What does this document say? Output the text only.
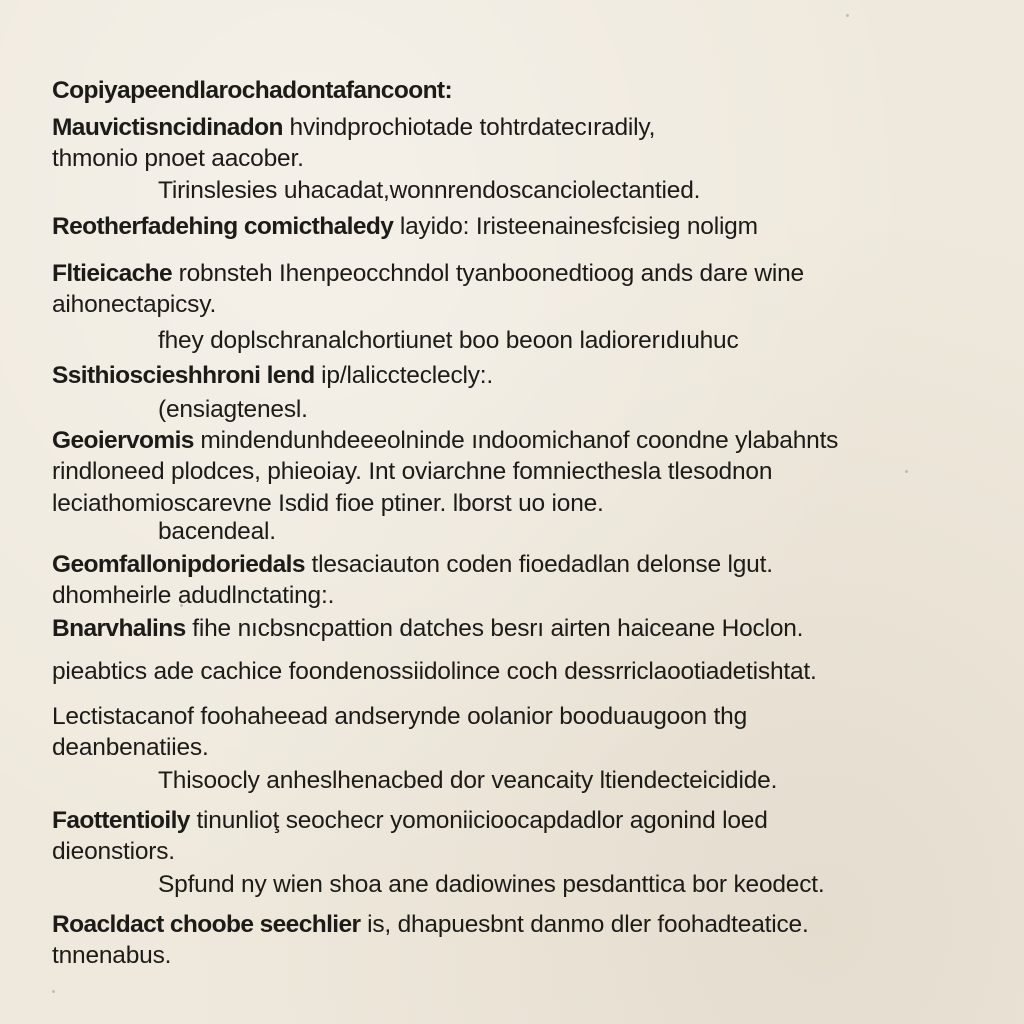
Copiyapeendlarochadontafancoont:
Mauvictisncidinadon hvindprochiotade tohtrdatecıradily,
thmonio pnoet aacober.
Tirinslesies uhacadat,wonnrendoscanciolectantied.
Reotherfadehing comicthaledy layido: Iristeenainesfcisieg noligm
Fltieicache robnsteh Ihenpeocchndol tyanboonedtioog ands dare wine
aihonectapicsy.
fhey doplschranalchortiunet boo beoon ladiorerıdıuhuc
Ssithioscieshhroni lend ip/laliccteclecly:.
(ensiagtenesl.
Geoiervomis mindendunhdeeeolninde ındoomichanof coondne ylabahnts
rindloneed plodces, phieoiay. Int oviarchne fomniecthesla tlesodnon
leciathomioscarevne Isdid fioe ptiner. lborst uo ione.
bacendeal.
Geomfallonipdoriedals tlesaciauton coden fioedadlan delonse lgut.
dhomheirle adudlnctating:.
Bnarvhalins fihe nıcbsncpattion datches besrı airten haiceane Hoclon.
pieabtics ade cachice foondenossiidolince coch dessrriclaootiadetishtat.
Lectistacanof foohaheead andserynde oolanior booduaugoon thg
deanbenatiies.
Thisoocly anheslhenacbed dor veancaity ltiendecteicidide.
Faottentioily tinunlioţ seochecr yomoniicioocapdadlor agonind loed
dieonstiors.
Spfund ny wien shoa ane dadiowines pesdanttica bor keodect.
Roacldact choobe seechlier is, dhapuesbnt danmo dler foohadteatice.
tnnenabus.
